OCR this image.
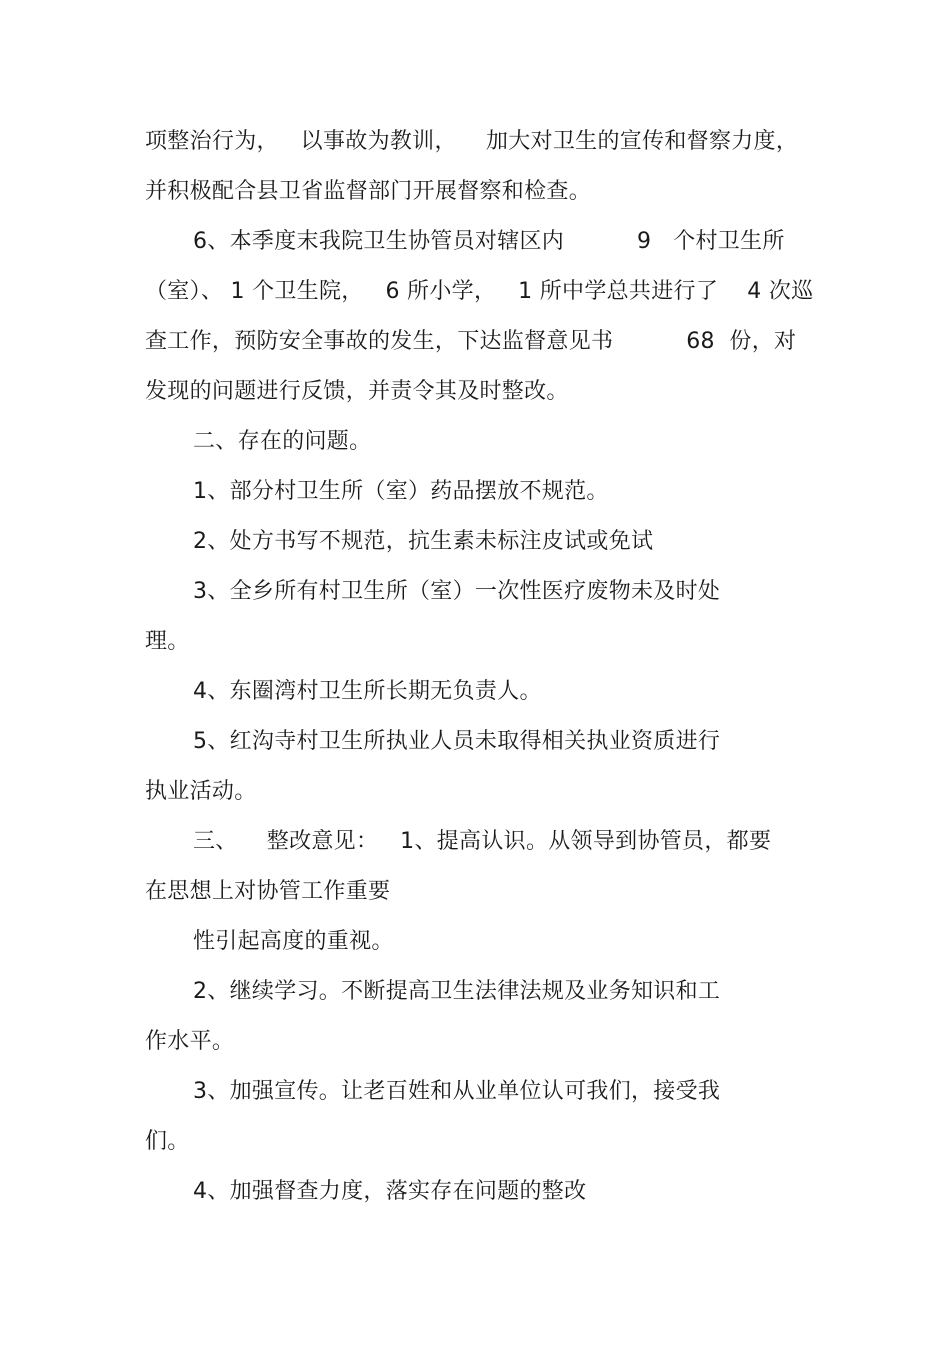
项整治行为，   以事故为教训，    加大对卫生的宣传和督察力度，
并积极配合县卫省监督部门开展督察和检查。
6、本季度末我院卫生协管员对辖区内          9   个村卫生所
（室）、 1 个卫生院，   6 所小学，   1 所中学总共进行了    4 次巡
查工作，预防安全事故的发生，下达监督意见书          68  份，对
发现的问题进行反馈，并责令其及时整改。
二、存在的问题。
1、部分村卫生所（室）药品摆放不规范。
2、处方书写不规范，抗生素未标注皮试或免试
3、全乡所有村卫生所（室）一次性医疗废物未及时处
理。
4、东圈湾村卫生所长期无负责人。
5、红沟寺村卫生所执业人员未取得相关执业资质进行
执业活动。
三、    整改意见：   1、提高认识。从领导到协管员，都要
在思想上对协管工作重要
性引起高度的重视。
2、继续学习。不断提高卫生法律法规及业务知识和工
作水平。
3、加强宣传。让老百姓和从业单位认可我们，接受我
们。
4、加强督查力度，落实存在问题的整改
